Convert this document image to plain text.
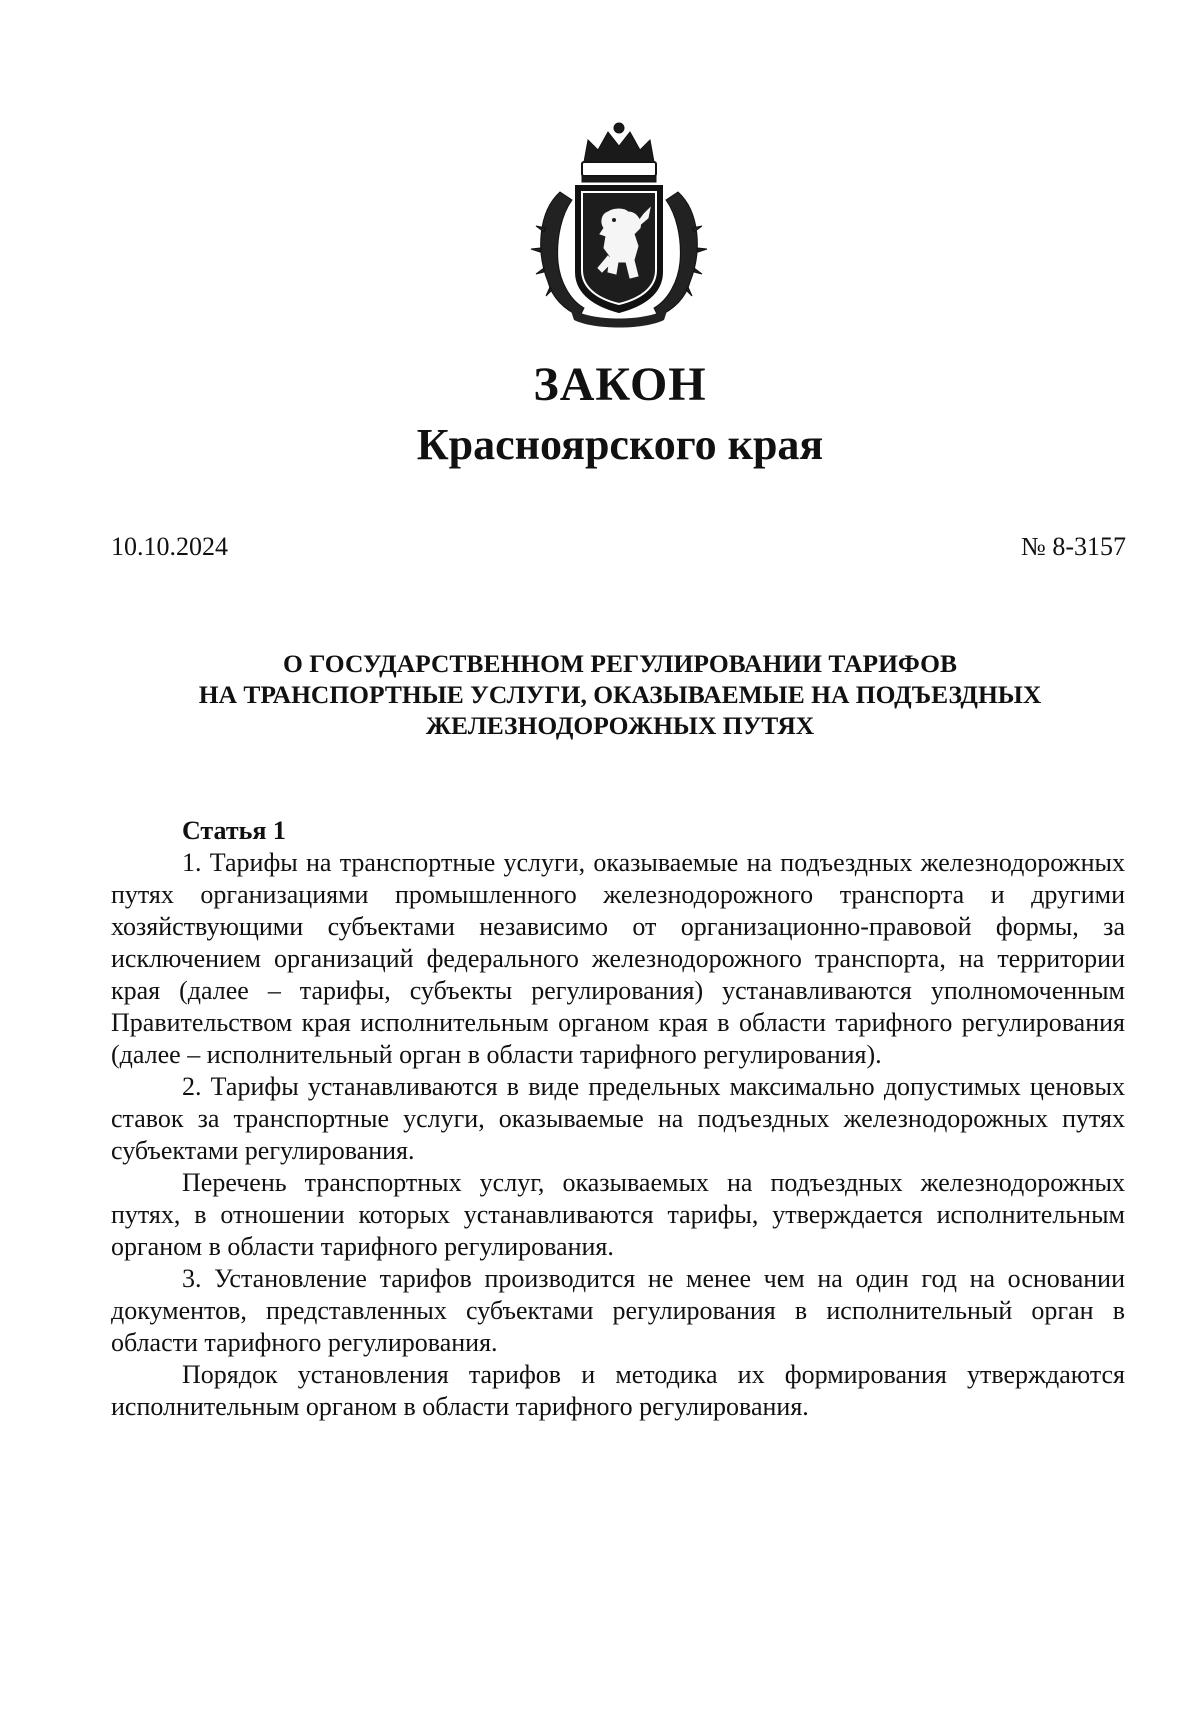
ЗАКОН
Красноярского края
10.10.2024	№ 8-3157
О ГОСУДАРСТВЕННОМ РЕГУЛИРОВАНИИ ТАРИФОВ
НА ТРАНСПОРТНЫЕ УСЛУГИ, ОКАЗЫВАЕМЫЕ НА ПОДЪЕЗДНЫХ
ЖЕЛЕЗНОДОРОЖНЫХ ПУТЯХ
Статья 1

1. Тарифы на транспортные услуги, оказываемые на подъездных железнодорожных путях организациями промышленного железнодорожного транспорта и другими хозяйствующими субъектами независимо от организационно-правовой формы, за исключением организаций федерального железнодорожного транспорта, на территории края (далее – тарифы, субъекты регулирования) устанавливаются уполномоченным Правительством края исполнительным органом края в области тарифного регулирования (далее – исполнительный орган в области тарифного регулирования).

2. Тарифы устанавливаются в виде предельных максимально допустимых ценовых ставок за транспортные услуги, оказываемые на подъездных железнодорожных путях субъектами регулирования.

Перечень транспортных услуг, оказываемых на подъездных железнодорожных путях, в отношении которых устанавливаются тарифы, утверждается исполнительным органом в области тарифного регулирования.

3. Установление тарифов производится не менее чем на один год на основании документов, представленных субъектами регулирования в исполнительный орган в области тарифного регулирования.

Порядок установления тарифов и методика их формирования утверждаются исполнительным органом в области тарифного регулирования.
